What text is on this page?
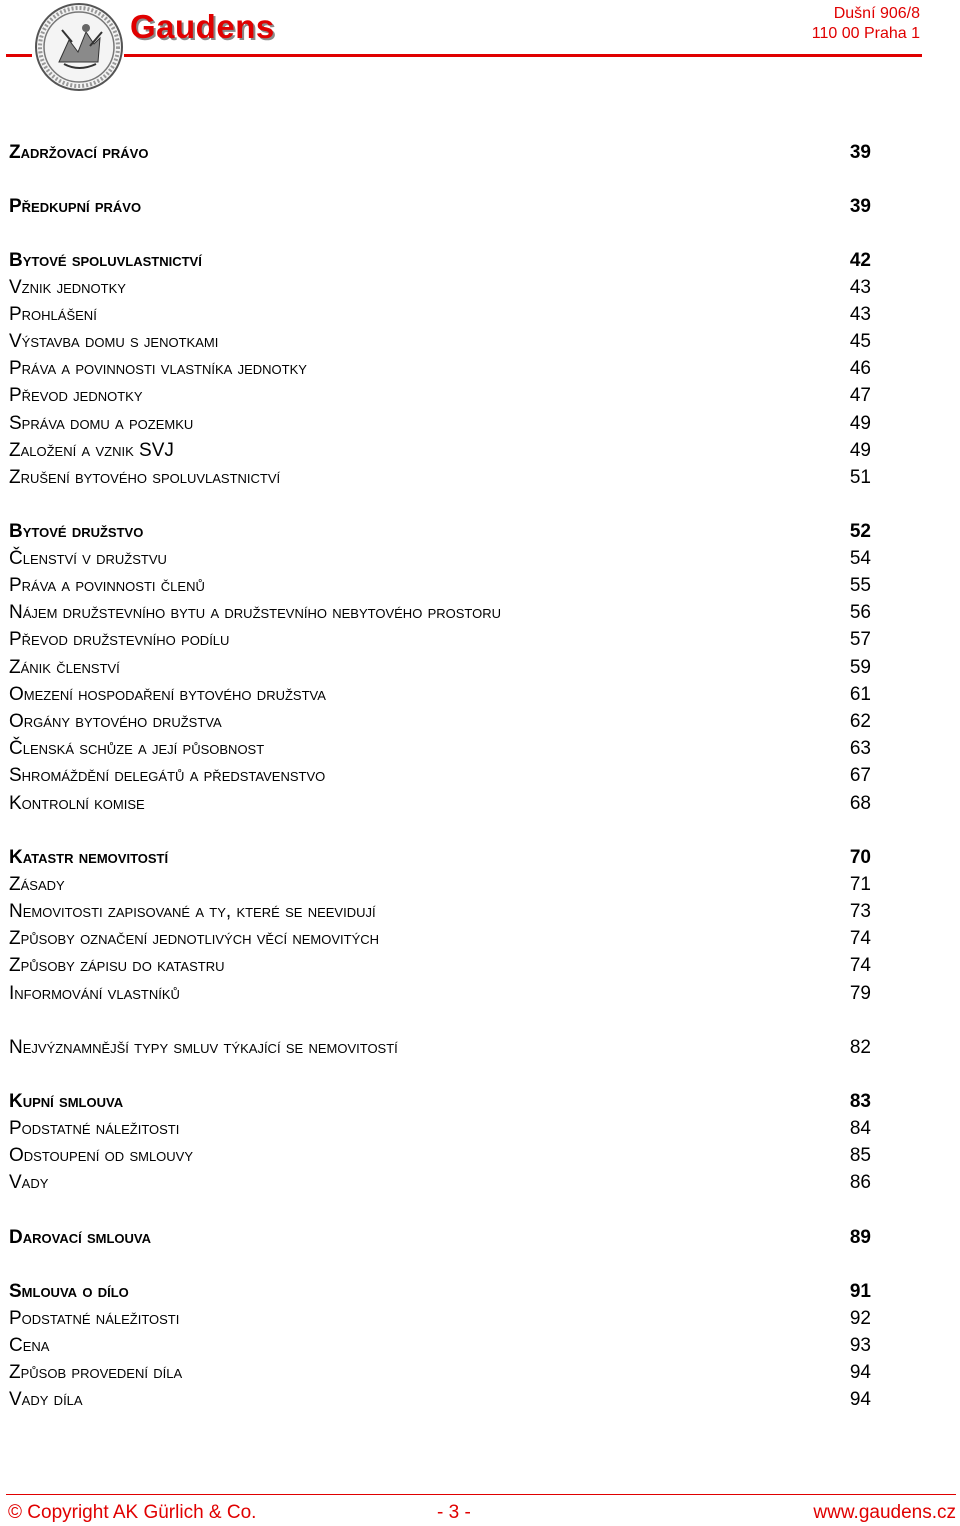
Gaudens	Dušní 906/8
110 00 Praha 1
Zadržovací právo	39
Předkupní právo	39
Bytové spoluvlastnictví	42
Vznik jednotky	43
Prohlášení	43
Výstavba domu s jenotkami	45
Práva a povinnosti vlastníka jednotky	46
Převod jednotky	47
Správa domu a pozemku	49
Založení a vznik SVJ	49
Zrušení bytového spoluvlastnictví	51
Bytové družstvo	52
Členství v družstvu	54
Práva a povinnosti členů	55
Nájem družstevního bytu a družstevního nebytového prostoru	56
Převod družstevního podílu	57
Zánik členství	59
Omezení hospodaření bytového družstva	61
Orgány bytového družstva	62
Členská schůze a její působnost	63
Shromáždění delegátů a představenstvo	67
Kontrolní komise	68
Katastr nemovitostí	70
Zásady	71
Nemovitosti zapisované a ty, které se neevidují	73
Způsoby označení jednotlivých věcí nemovitých	74
Způsoby zápisu do katastru	74
Informování vlastníků	79
Nejvýznamnější typy smluv týkající se nemovitostí	82
Kupní smlouva	83
Podstatné náležitosti	84
Odstoupení od smlouvy	85
Vady	86
Darovací smlouva	89
Smlouva o dílo	91
Podstatné náležitosti	92
Cena	93
Způsob provedení díla	94
Vady díla	94
© Copyright AK Gürlich & Co.	- 3 -	www.gaudens.cz
